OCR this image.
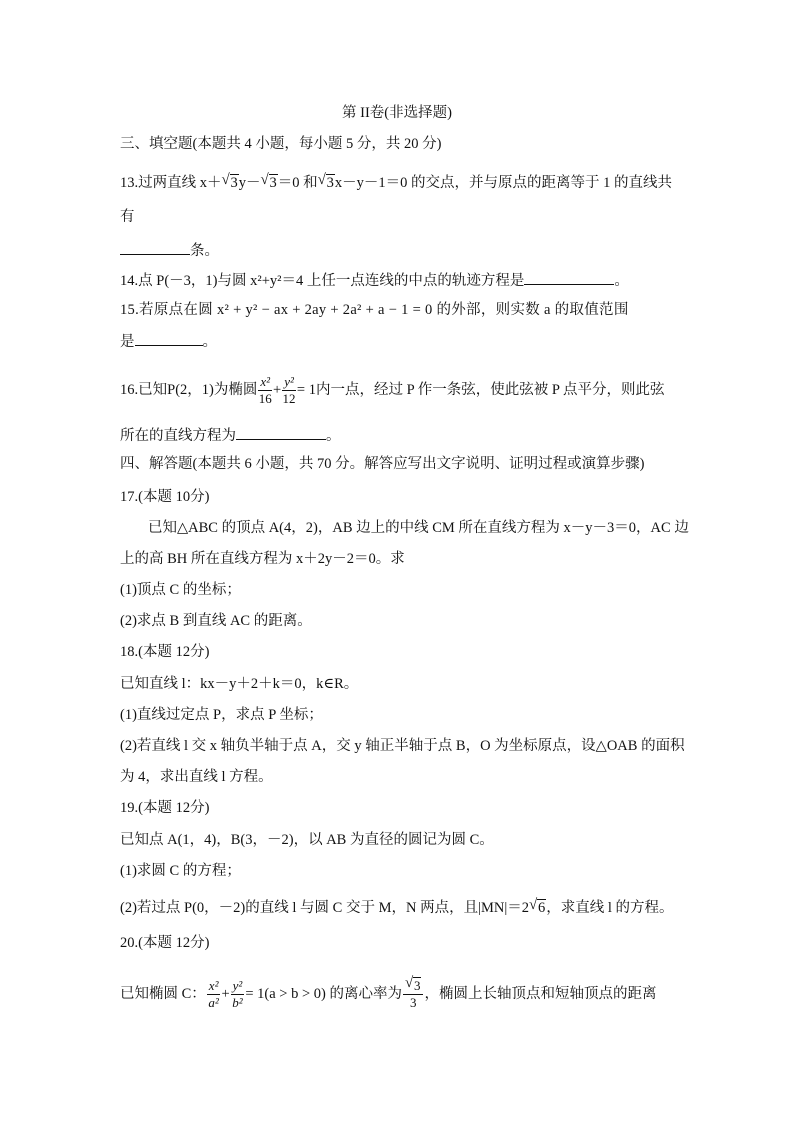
第 II卷(非选择题)
三、填空题(本题共 4 小题，每小题 5 分，共 20 分)
13.过两直线 x＋ √ 3y－ √ 3＝0 和 √ 3x－y－1＝0 的交点，并与原点的距离等于 1 的直线共
有
条。
14.点 P(－3，1)与圆 x²+y²＝4 上任一点连线的中点的轨迹方程是	。
15.若原点在圆 x² + y² − ax + 2ay + 2a² + a − 1 = 0 的外部，则实数 a 的取值范围
是	。
16.已知P(2，1)为椭圆 $\frac{\text{x²}}{16} + \frac{\text{y²}}{12} = 1$内一点，经过 P 作一条弦，使此弦被 P 点平分，则此弦
所在的直线方程为	。
四、解答题(本题共 6 小题，共 70 分。解答应写出文字说明、证明过程或演算步骤)
17.(本题 10分)
已知△ABC 的顶点 A(4，2)，AB 边上的中线 CM 所在直线方程为 x－y－3＝0，AC 边
上的高 BH 所在直线方程为 x＋2y－2＝0。求
(1)顶点 C 的坐标；
(2)求点 B 到直线 AC 的距离。
18.(本题 12分)
已知直线 l：kx－y＋2＋k＝0，k∈R。
(1)直线过定点 P，求点 P 坐标；
(2)若直线 l 交 x 轴负半轴于点 A，交 y 轴正半轴于点 B，O 为坐标原点，设△OAB 的面积
为 4，求出直线 l 方程。
19.(本题 12分)
已知点 A(1，4)，B(3，－2)，以 AB 为直径的圆记为圆 C。
(1)求圆 C 的方程；
(2)若过点 P(0，－2)的直线 l 与圆 C 交于 M，N 两点，且|MN|＝2 √ 6，求直线 l 的方程。
20.(本题 12分)
已知椭圆 C： $\frac{\text{x²}}{\text{a²}} + \frac{\text{y²}}{\text{b²}} = 1(a > b > 0)$ 的离心率为 $\frac{√ 3}{3}$ ，椭圆上长轴顶点和短轴顶点的距离
